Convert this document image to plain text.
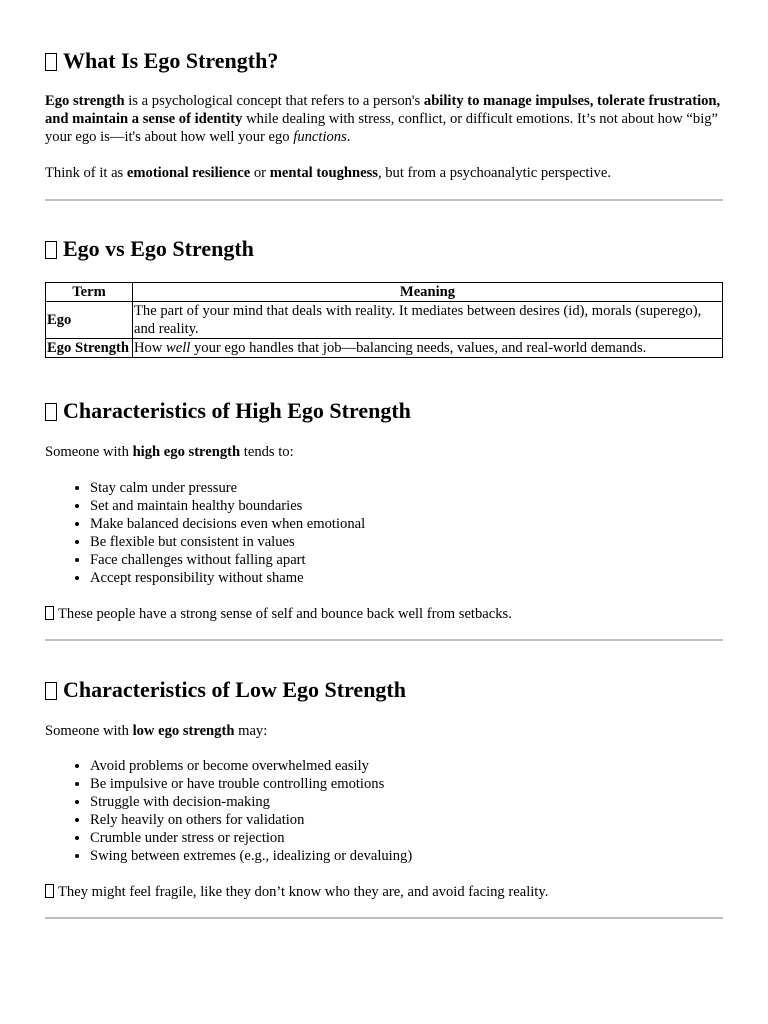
What Is Ego Strength?

Ego strength is a psychological concept that refers to a person's ability to manage impulses, tolerate frustration, and maintain a sense of identity while dealing with stress, conflict, or difficult emotions. It’s not about how “big” your ego is—it's about how well your ego functions.

Think of it as emotional resilience or mental toughness, but from a psychoanalytic perspective.

Ego vs Ego Strength
Term	Meaning
Ego	The part of your mind that deals with reality. It mediates between desires (id), morals (superego), and reality.
Ego Strength	How well your ego handles that job—balancing needs, values, and real-world demands.
Characteristics of High Ego Strength

Someone with high ego strength tends to:

• Stay calm under pressure
• Set and maintain healthy boundaries
• Make balanced decisions even when emotional
• Be flexible but consistent in values
• Face challenges without falling apart
• Accept responsibility without shame

These people have a strong sense of self and bounce back well from setbacks.

Characteristics of Low Ego Strength

Someone with low ego strength may:

• Avoid problems or become overwhelmed easily
• Be impulsive or have trouble controlling emotions
• Struggle with decision-making
• Rely heavily on others for validation
• Crumble under stress or rejection
• Swing between extremes (e.g., idealizing or devaluing)

They might feel fragile, like they don’t know who they are, and avoid facing reality.
